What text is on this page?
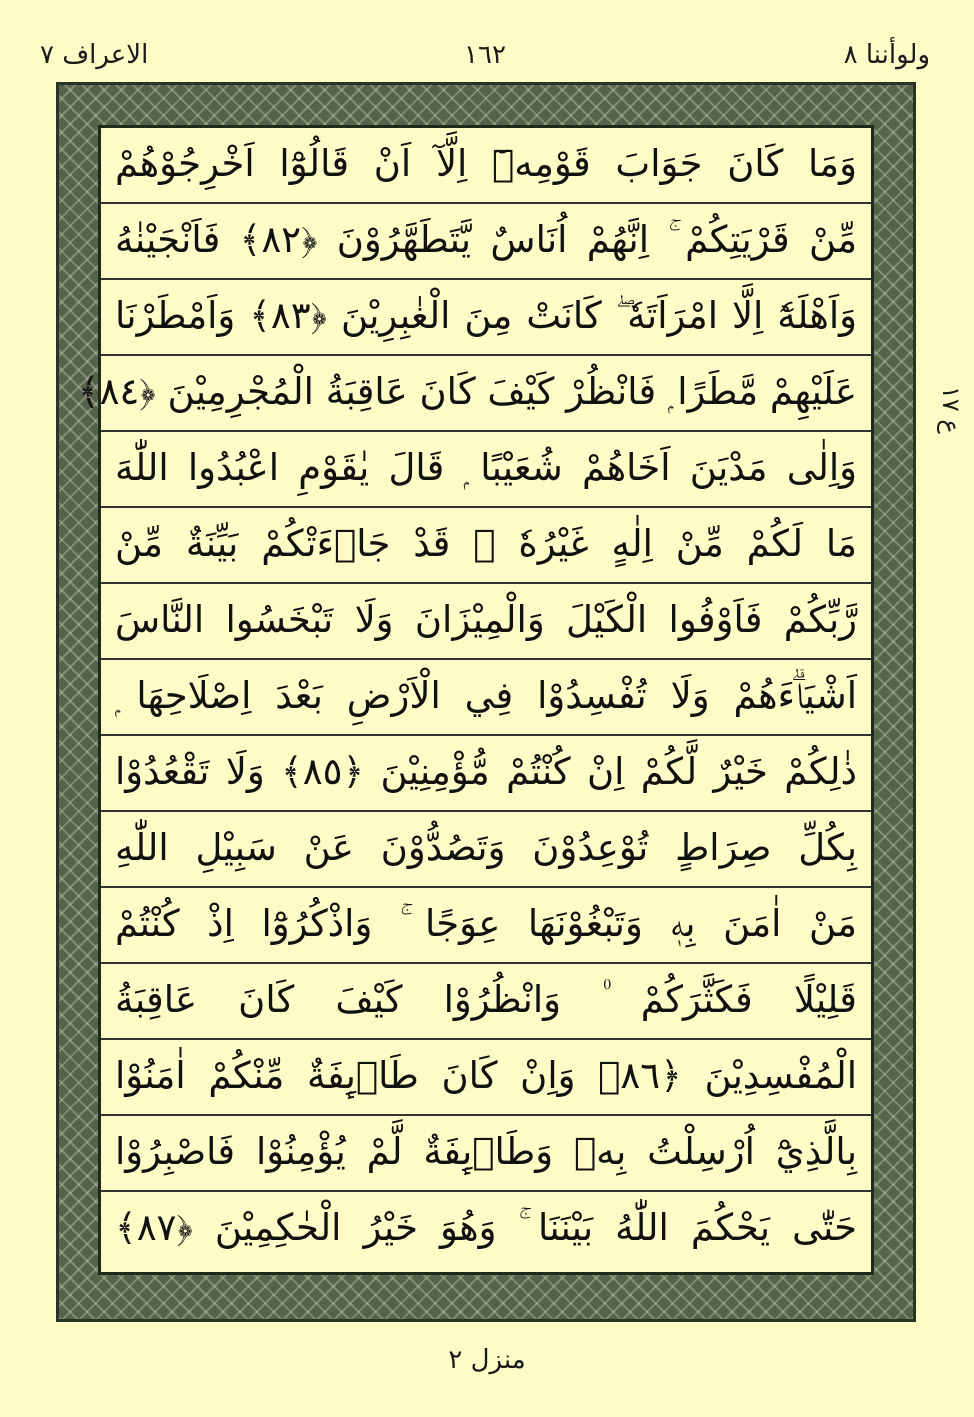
ولوأننا ٨
١٦٢
الاعراف ٧
وَمَا كَانَ جَوَابَ قَوْمِهٖٓ اِلَّآ اَنْ قَالُوْٓا اَخْرِجُوْهُمْ
مِّنْ قَرْيَتِكُمْ ۚ اِنَّهُمْ اُنَاسٌ يَّتَطَهَّرُوْنَ ﴿٨٢﴾ فَاَنْجَيْنٰهُ
وَاَهْلَهٗٓ اِلَّا امْرَاَتَهٗ ۖ كَانَتْ مِنَ الْغٰبِرِيْنَ ﴿٨٣﴾ وَاَمْطَرْنَا
عَلَيْهِمْ مَّطَرًا ۭ فَانْظُرْ كَيْفَ كَانَ عَاقِبَةُ الْمُجْرِمِيْنَ ﴿٨٤﴾
وَاِلٰى مَدْيَنَ اَخَاهُمْ شُعَيْبًا ۭ قَالَ يٰقَوْمِ اعْبُدُوا اللّٰهَ
مَا لَكُمْ مِّنْ اِلٰهٍ غَيْرُهٗ ۭ قَدْ جَاۗءَتْكُمْ بَيِّنَةٌ مِّنْ
رَّبِّكُمْ فَاَوْفُوا الْكَيْلَ وَالْمِيْزَانَ وَلَا تَبْخَسُوا النَّاسَ
اَشْيَاۗءَهُمْ وَلَا تُفْسِدُوْا فِي الْاَرْضِ بَعْدَ اِصْلَاحِهَا ۭ
ذٰلِكُمْ خَيْرٌ لَّكُمْ اِنْ كُنْتُمْ مُّؤْمِنِيْنَ ﴿٨٥﴾ وَلَا تَقْعُدُوْا
بِكُلِّ صِرَاطٍ تُوْعِدُوْنَ وَتَصُدُّوْنَ عَنْ سَبِيْلِ اللّٰهِ
مَنْ اٰمَنَ بِهٖ وَتَبْغُوْنَهَا عِوَجًا ۚ وَاذْكُرُوْٓا اِذْ كُنْتُمْ
قَلِيْلًا فَكَثَّرَكُمْ ۠ وَانْظُرُوْا كَيْفَ كَانَ عَاقِبَةُ
الْمُفْسِدِيْنَ ﴿٨٦﴾ وَاِنْ كَانَ طَاۗىِٕفَةٌ مِّنْكُمْ اٰمَنُوْا
بِالَّذِيْٓ اُرْسِلْتُ بِهٖ وَطَاۗىِٕفَةٌ لَّمْ يُؤْمِنُوْا فَاصْبِرُوْا
حَتّٰى يَحْكُمَ اللّٰهُ بَيْنَنَا ۚ وَهُوَ خَيْرُ الْحٰكِمِيْنَ ﴿٨٧﴾
ع ١٧
منزل ٢
